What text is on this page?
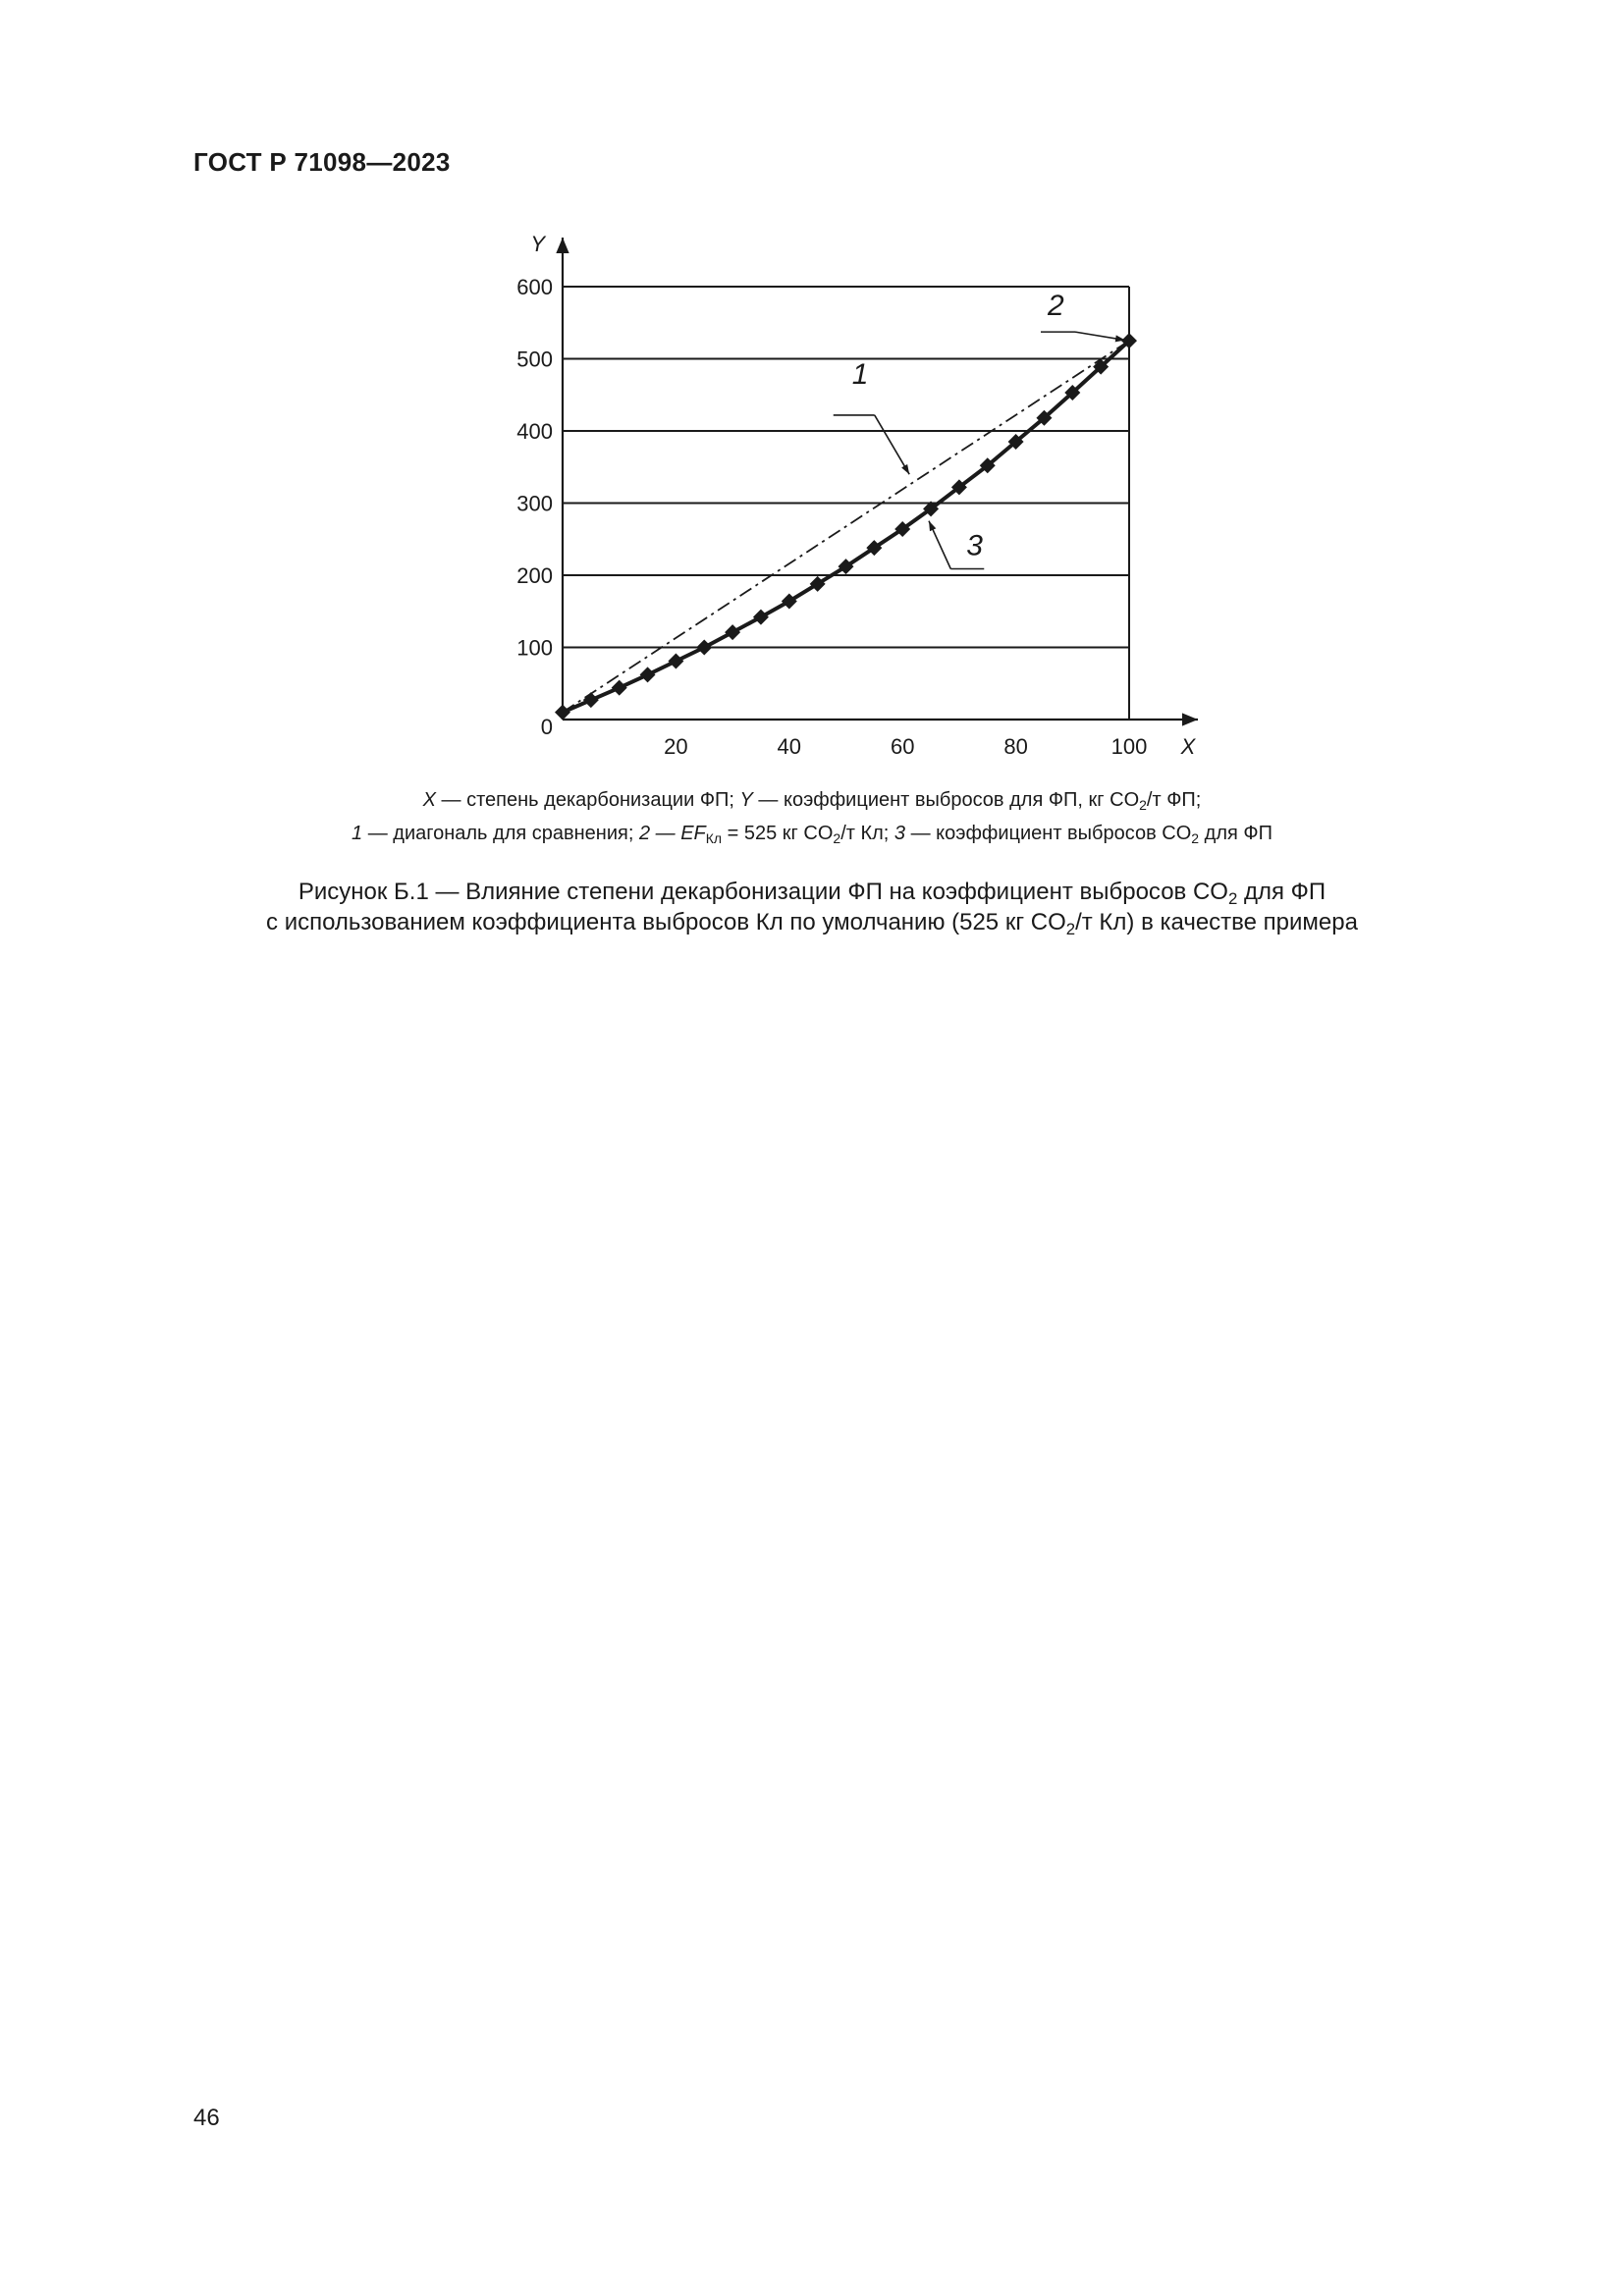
ГОСТ Р 71098—2023
Y
X
0
100
200
300
400
500
600
20	40	60	80	100
1
2
3
X — степень декарбонизации ФП; Y — коэффициент выбросов для ФП, кг $CO_2/т$ ФП;
1 — диагональ для сравнения; 2 — $EF_{Кл} = 525$ кг $CO_2/т$ Кл; 3 — коэффициент выбросов $CO_2$ для ФП
Рисунок Б.1 — Влияние степени декарбонизации ФП на коэффициент выбросов $CO_2$ для ФП
с использованием коэффициента выбросов Кл по умолчанию (525 кг $CO_2/т$ Кл) в качестве примера
46
